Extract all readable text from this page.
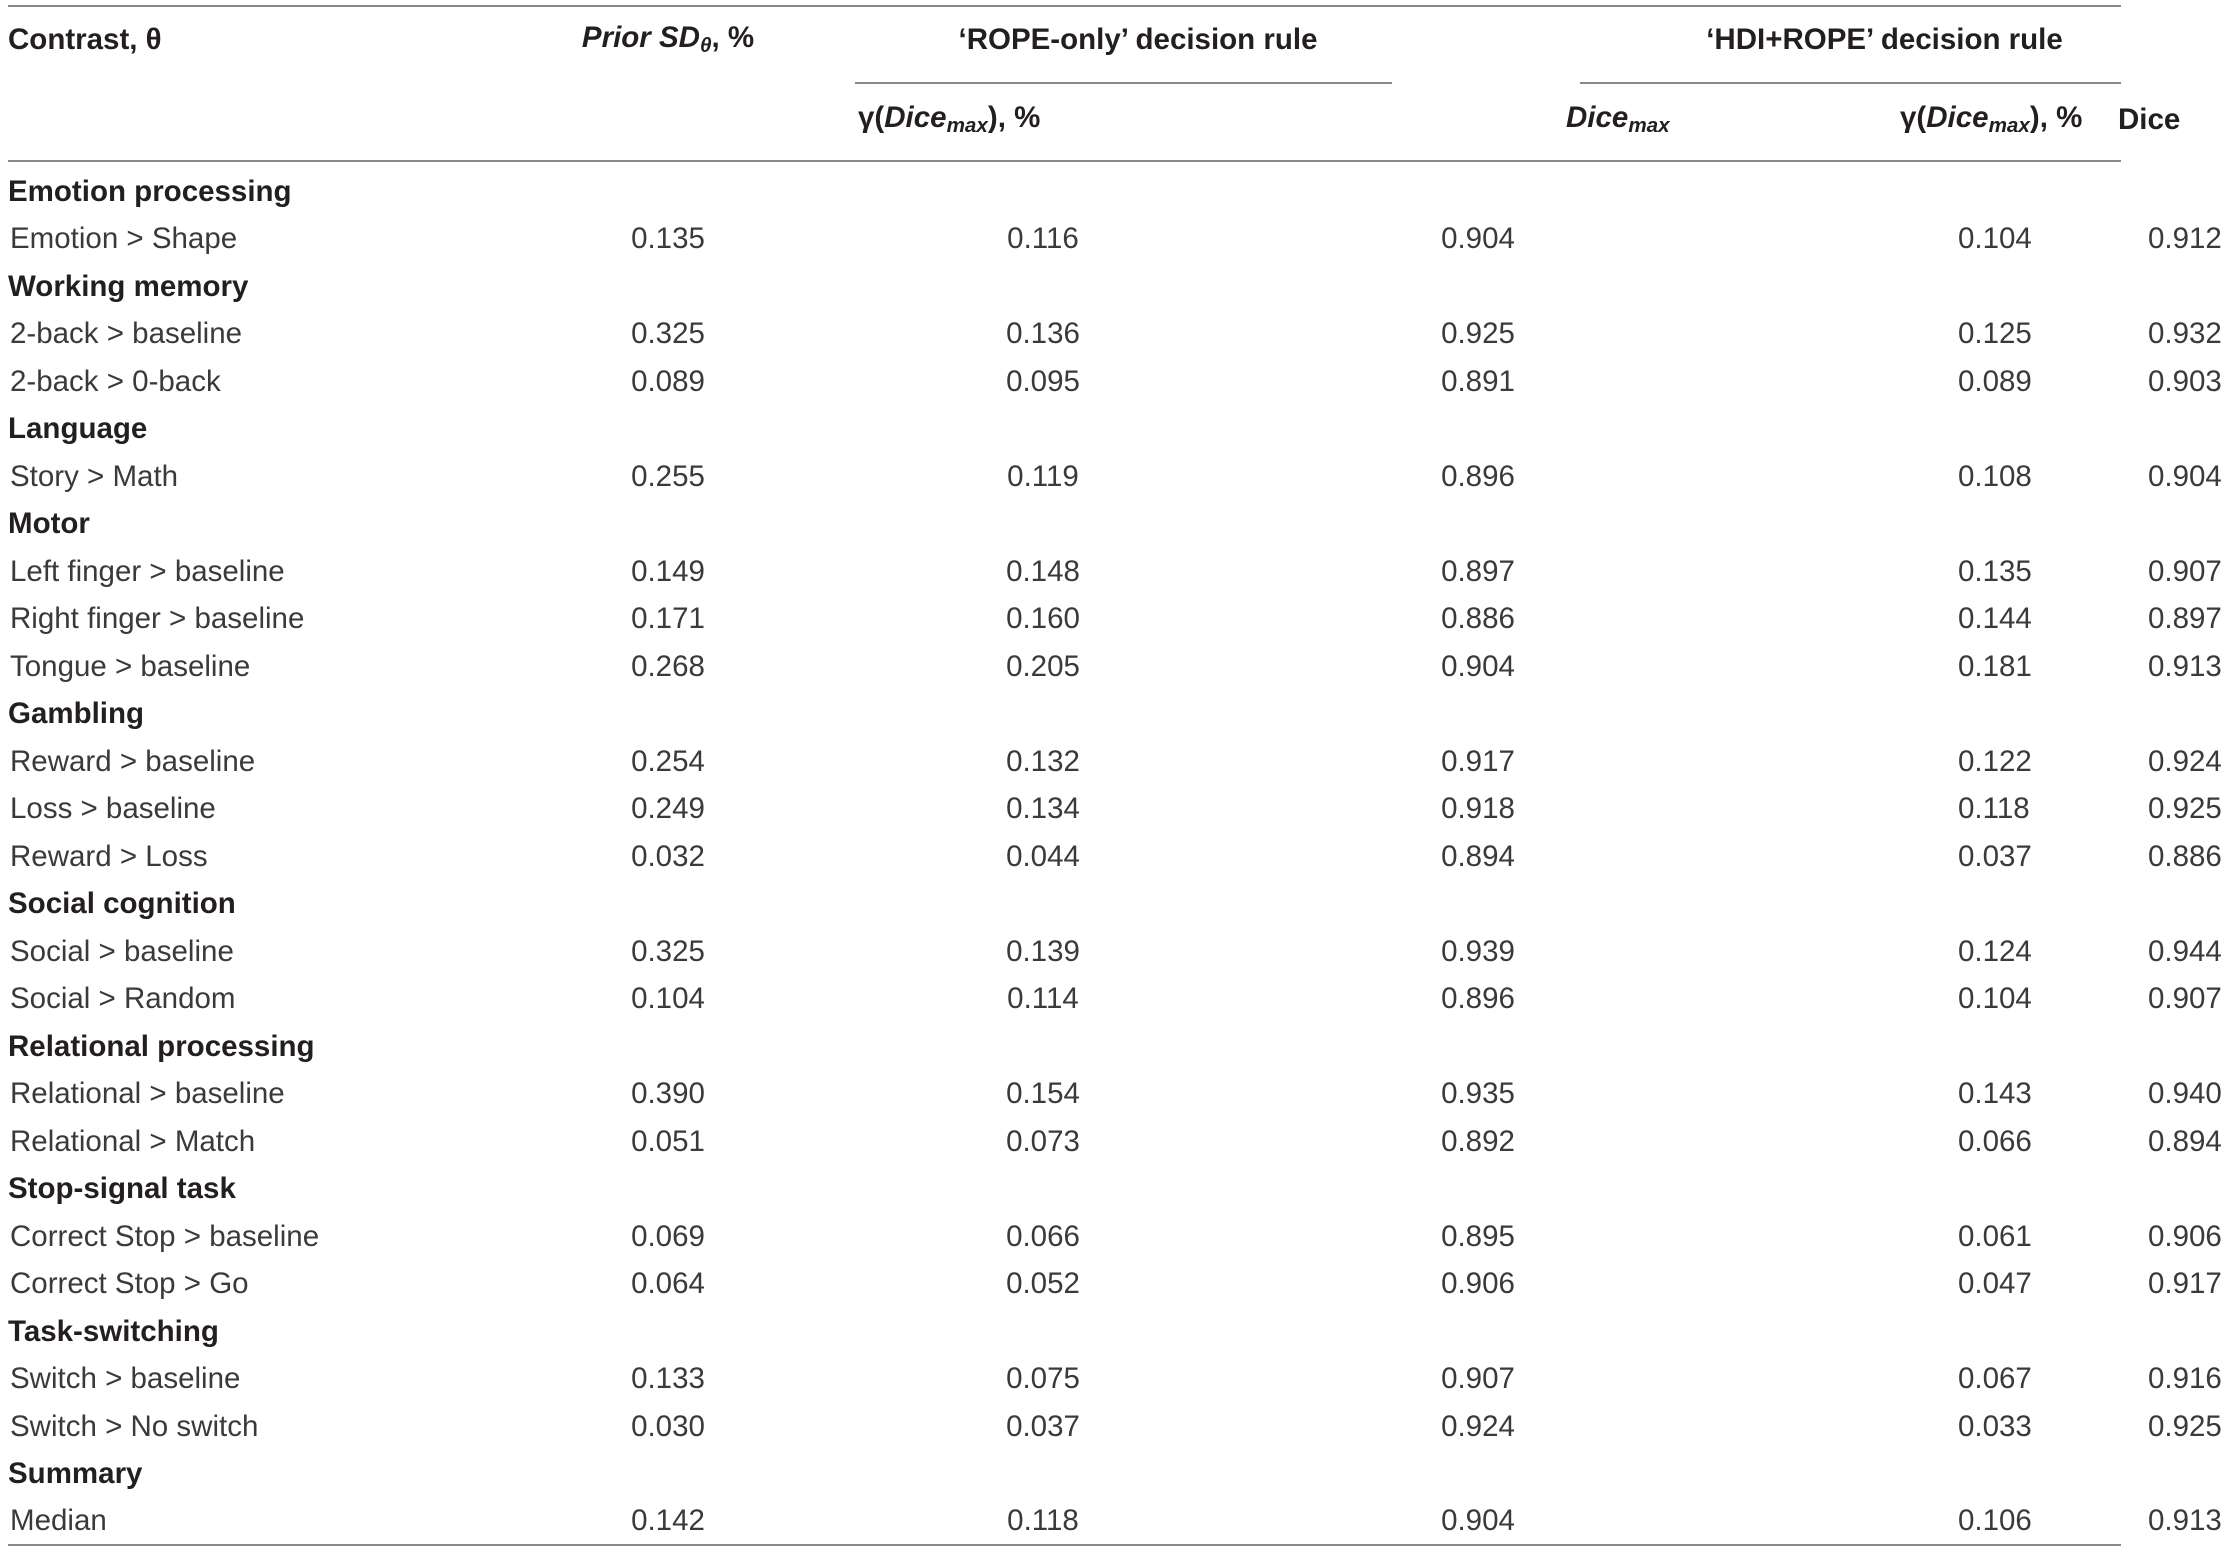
Contrast, θ	Prior $SD_\theta$, %	‘ROPE-only’ decision rule		‘HDI+ROPE’ decision rule	
		γ(Dice$_{max}$), %	Dice$_{max}$	γ(Dice$_{max}$), %	Dice

Emotion processing					
Emotion > Shape	0.135	0.116	0.904	0.104	0.912
Working memory					
2-back > baseline	0.325	0.136	0.925	0.125	0.932
2-back > 0-back	0.089	0.095	0.891	0.089	0.903
Language					
Story > Math	0.255	0.119	0.896	0.108	0.904
Motor					
Left finger > baseline	0.149	0.148	0.897	0.135	0.907
Right finger > baseline	0.171	0.160	0.886	0.144	0.897
Tongue > baseline	0.268	0.205	0.904	0.181	0.913
Gambling					
Reward > baseline	0.254	0.132	0.917	0.122	0.924
Loss > baseline	0.249	0.134	0.918	0.118	0.925
Reward > Loss	0.032	0.044	0.894	0.037	0.886
Social cognition					
Social > baseline	0.325	0.139	0.939	0.124	0.944
Social > Random	0.104	0.114	0.896	0.104	0.907
Relational processing					
Relational > baseline	0.390	0.154	0.935	0.143	0.940
Relational > Match	0.051	0.073	0.892	0.066	0.894
Stop-signal task					
Correct Stop > baseline	0.069	0.066	0.895	0.061	0.906
Correct Stop > Go	0.064	0.052	0.906	0.047	0.917
Task-switching					
Switch > baseline	0.133	0.075	0.907	0.067	0.916
Switch > No switch	0.030	0.037	0.924	0.033	0.925
Summary					
Median	0.142	0.118	0.904	0.106	0.913
